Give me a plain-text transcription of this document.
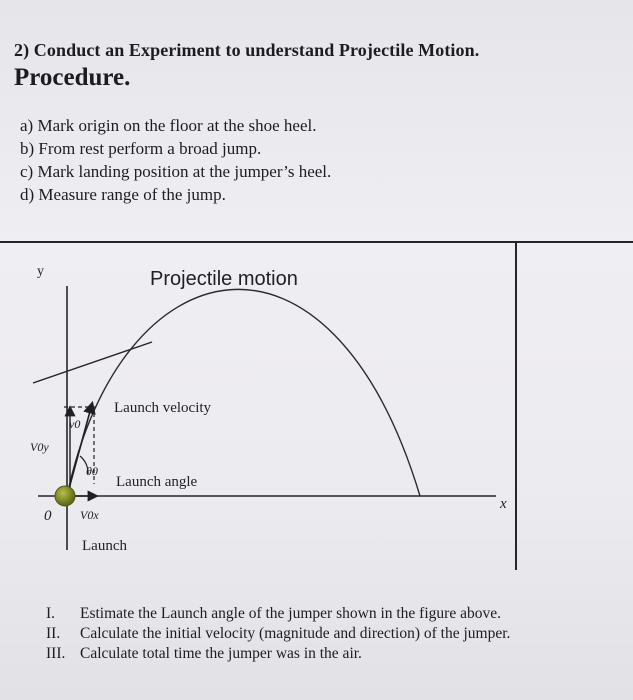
2) Conduct an Experiment to understand Projectile Motion.
Procedure.
a) Mark origin on the floor at the shoe heel.
b) From rest perform a broad jump.
c) Mark landing position at the jumper’s heel.
d) Measure range of the jump.
Projectile motion
y
x
0
Launch velocity
Launch angle
Launch
v0
V0y
V0x
θ0
I. Estimate the Launch angle of the jumper shown in the figure above.
II. Calculate the initial velocity (magnitude and direction) of the jumper.
III. Calculate total time the jumper was in the air.
